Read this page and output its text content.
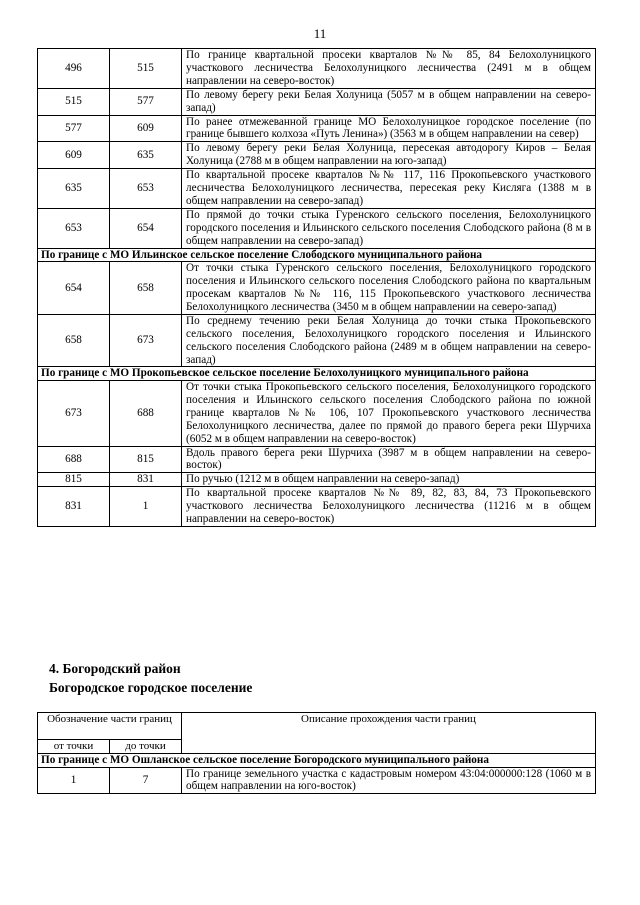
11
496	515	По границе квартальной просеки кварталов №№ 85, 84 Белохолуницкого участкового лесничества Белохолуницкого лесничества (2491 м в общем направлении на северо-восток)
515	577	По левому берегу реки Белая Холуница (5057 м в общем направлении на северо-запад)
577	609	По ранее отмежеванной границе МО Белохолуницкое городское поселение (по границе бывшего колхоза «Путь Ленина») (3563 м в общем направлении на север)
609	635	По левому берегу реки Белая Холуница, пересекая автодорогу Киров – Белая Холуница (2788 м в общем направлении на юго-запад)
635	653	По квартальной просеке кварталов №№ 117, 116 Прокопьевского участкового лесничества Белохолуницкого лесничества, пересекая реку Кисляга (1388 м в общем направлении на северо-запад)
653	654	По прямой до точки стыка Гуренского сельского поселения, Белохолуницкого городского поселения и Ильинского сельского поселения Слободского района (8 м в общем направлении на северо-запад)
По границе с МО Ильинское сельское поселение Слободского муниципального района		
654	658	От точки стыка Гуренского сельского поселения, Белохолуницкого городского поселения и Ильинского сельского поселения Слободского района по квартальным просекам кварталов №№ 116, 115 Прокопьевского участкового лесничества Белохолуницкого лесничества (3450 м в общем направлении на северо-запад)
658	673	По среднему течению реки Белая Холуница до точки стыка Прокопьевского сельского поселения, Белохолуницкого городского поселения и Ильинского сельского поселения Слободского района (2489 м в общем направлении на северо-запад)
По границе с МО Прокопьевское сельское поселение Белохолуницкого муниципального района		
673	688	От точки стыка Прокопьевского сельского поселения, Белохолуницкого городского поселения и Ильинского сельского поселения Слободского района по южной границе кварталов №№ 106, 107 Прокопьевского участкового лесничества Белохолуницкого лесничества, далее по прямой до правого берега реки Шурчиха (6052 м в общем направлении на северо-восток)
688	815	Вдоль правого берега реки Шурчиха (3987 м в общем направлении на северо-восток)
815	831	По ручью (1212 м в общем направлении на северо-запад)
831	1	По квартальной просеке кварталов №№ 89, 82, 83, 84, 73 Прокопьевского участкового лесничества Белохолуницкого лесничества (11216 м в общем направлении на северо-восток)
4. Богородский район
Богородское городское поселение
Обозначение части границ		Описание прохождения части границ
от точки	до точки	
По границе с МО Ошланское сельское поселение Богородского муниципального района		
1	7	По границе земельного участка с кадастровым номером 43:04:000000:128 (1060 м в общем направлении на юго-восток)
